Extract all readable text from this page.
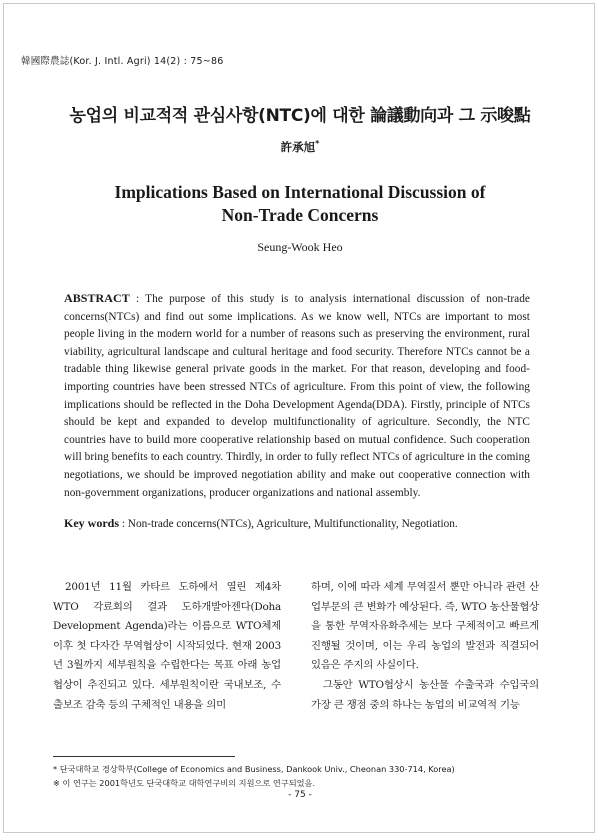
韓國際農誌(Kor. J. Intl. Agri) 14(2) : 75~86
농업의 비교적적 관심사항(NTC)에 대한 論議動向과 그 示唆點
許承旭*
Implications Based on International Discussion of
Non-Trade Concerns
Seung-Wook Heo
ABSTRACT : The purpose of this study is to analysis international discussion of non-trade concerns(NTCs) and find out some implications. As we know well, NTCs are important to most people living in the modern world for a number of reasons such as preserving the environment, rural viability, agricultural landscape and cultural heritage and food security. Therefore NTCs cannot be a tradable thing likewise general private goods in the market. For that reason, developing and food-importing countries have been stressed NTCs of agriculture. From this point of view, the following implications should be reflected in the Doha Development Agenda(DDA). Firstly, principle of NTCs should be kept and expanded to develop multifunctionality of agriculture. Secondly, the NTC countries have to build more cooperative relationship based on mutual confidence. Such cooperation will bring benefits to each country. Thirdly, in order to fully reflect NTCs of agriculture in the coming negotiations, we should be improved negotiation ability and make out cooperative connection with non-government organizations, producer organizations and national assembly.
Key words : Non-trade concerns(NTCs), Agriculture, Multifunctionality, Negotiation.

2001년 11월 카타르 도하에서 열린 제4차 WTO 각료회의 결과 도하개발아젠다(Doha Development Agenda)라는 이름으로 WTO체제 이후 첫 다자간 무역협상이 시작되었다. 현재 2003년 3월까지 세부원칙을 수립한다는 목표 아래 농업협상이 추진되고 있다. 세부원칙이란 국내보조, 수출보조 감축 등의 구체적인 내용을 의미

하며, 이에 따라 세계 무역질서 뿐만 아니라 관련 산업부문의 큰 변화가 예상된다. 즉, WTO 농산물협상을 통한 무역자유화추세는 보다 구체적이고 빠르게 진행될 것이며, 이는 우리 농업의 발전과 직결되어 있음은 주지의 사실이다.

그동안 WTO협상시 농산물 수출국과 수입국의 가장 큰 쟁점 중의 하나는 농업의 비교역적 기능

* 단국대학교 경상학부(College of Economics and Business, Dankook Univ., Cheonan 330-714, Korea)
※ 이 연구는 2001학년도 단국대학교 대학연구비의 지원으로 연구되었음.
- 75 -
